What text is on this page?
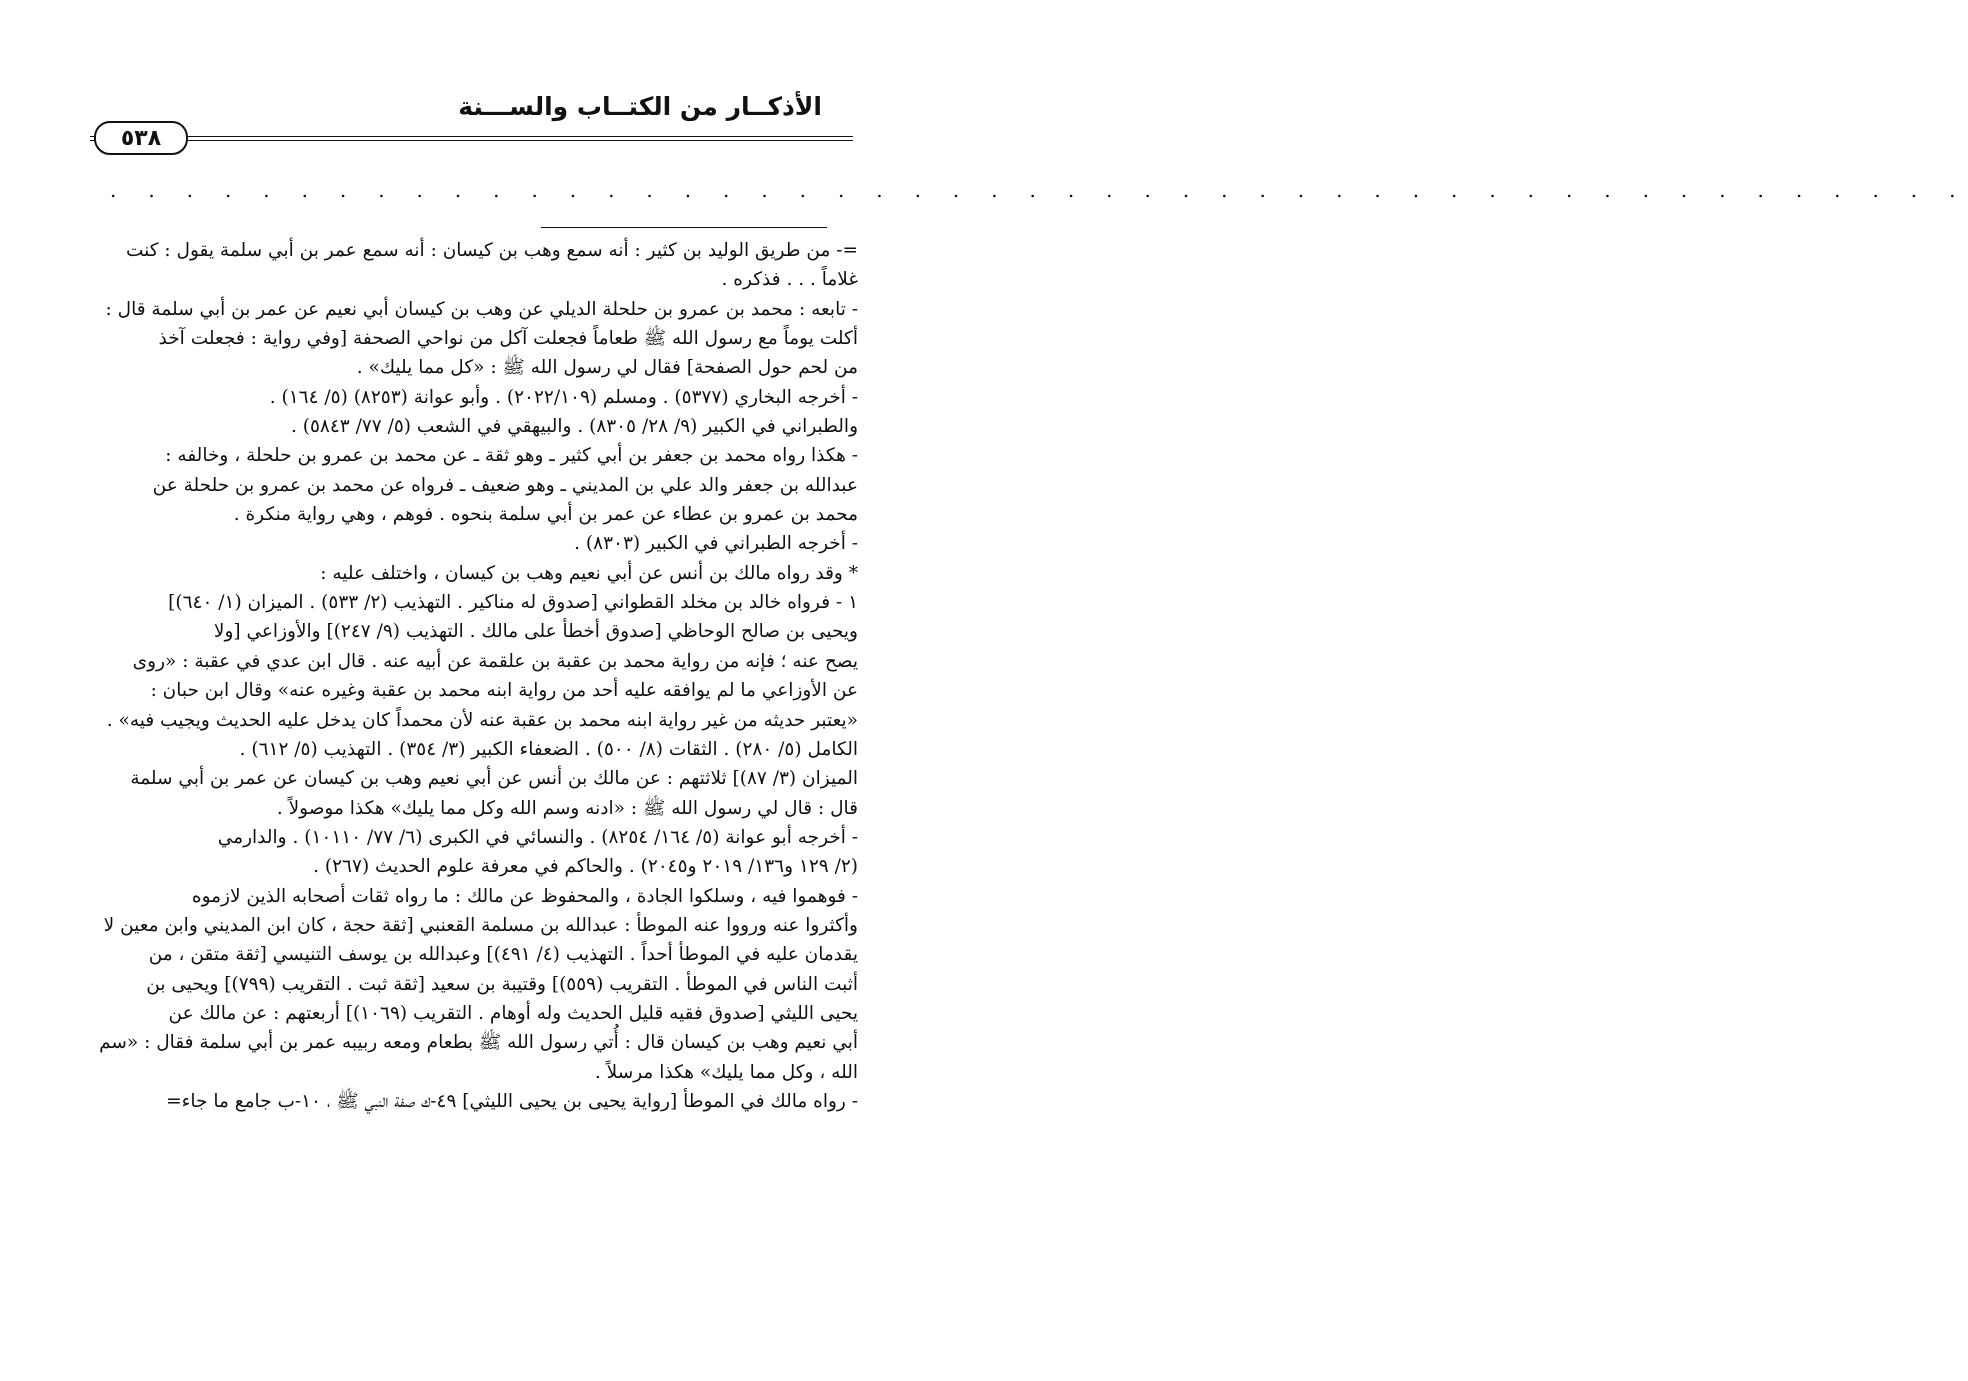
الأذكــار من الكتــاب والســـنة
٥٣٨
. . . . . . . . . . . . . . . . . . . . . . . . . . . . . . . . . . . . . . . . . . . . . . . . .
=- من طريق الوليد بن كثير : أنه سمع وهب بن كيسان : أنه سمع عمر بن أبي سلمة يقول : كنت
غلاماً . . . فذكره .
- تابعه : محمد بن عمرو بن حلحلة الديلي عن وهب بن كيسان أبي نعيم عن عمر بن أبي سلمة قال :
أكلت يوماً مع رسول الله ﷺ طعاماً فجعلت آكل من نواحي الصحفة [وفي رواية : فجعلت آخذ
من لحم حول الصفحة] فقال لي رسول الله ﷺ : «كل مما يليك» .
- أخرجه البخاري (٥٣٧٧) . ومسلم (٢٠٢٢/١٠٩) . وأبو عوانة (٨٢٥٣) (٥/ ١٦٤) .
والطبراني في الكبير (٩/ ٢٨/ ٨٣٠٥) . والبيهقي في الشعب (٥/ ٧٧/ ٥٨٤٣) .
- هكذا رواه محمد بن جعفر بن أبي كثير ـ وهو ثقة ـ عن محمد بن عمرو بن حلحلة ، وخالفه :
عبدالله بن جعفر والد علي بن المديني ـ وهو ضعيف ـ فرواه عن محمد بن عمرو بن حلحلة عن
محمد بن عمرو بن عطاء عن عمر بن أبي سلمة بنحوه . فوهم ، وهي رواية منكرة .
- أخرجه الطبراني في الكبير (٨٣٠٣) .
* وقد رواه مالك بن أنس عن أبي نعيم وهب بن كيسان ، واختلف عليه :
١ - فرواه خالد بن مخلد القطواني [صدوق له مناكير . التهذيب (٢/ ٥٣٣) . الميزان (١/ ٦٤٠)]
ويحيى بن صالح الوحاظي [صدوق أخطأ على مالك . التهذيب (٩/ ٢٤٧)] والأوزاعي [ولا
يصح عنه ؛ فإنه من رواية محمد بن عقبة بن علقمة عن أبيه عنه . قال ابن عدي في عقبة : «روى
عن الأوزاعي ما لم يوافقه عليه أحد من رواية ابنه محمد بن عقبة وغيره عنه» وقال ابن حبان :
«يعتبر حديثه من غير رواية ابنه محمد بن عقبة عنه لأن محمداً كان يدخل عليه الحديث ويجيب فيه» .
الكامل (٥/ ٢٨٠) . الثقات (٨/ ٥٠٠) . الضعفاء الكبير (٣/ ٣٥٤) . التهذيب (٥/ ٦١٢) .
الميزان (٣/ ٨٧)] ثلاثتهم : عن مالك بن أنس عن أبي نعيم وهب بن كيسان عن عمر بن أبي سلمة
قال : قال لي رسول الله ﷺ : «ادنه وسم الله وكل مما يليك» هكذا موصولاً .
- أخرجه أبو عوانة (٥/ ١٦٤/ ٨٢٥٤) . والنسائي في الكبرى (٦/ ٧٧/ ١٠١١٠) . والدارمي
(٢/ ١٢٩ و١٣٦/ ٢٠١٩ و٢٠٤٥) . والحاكم في معرفة علوم الحديث (٢٦٧) .
- فوهموا فيه ، وسلكوا الجادة ، والمحفوظ عن مالك : ما رواه ثقات أصحابه الذين لازموه
وأكثروا عنه ورووا عنه الموطأ : عبدالله بن مسلمة القعنبي [ثقة حجة ، كان ابن المديني وابن معين لا
يقدمان عليه في الموطأ أحداً . التهذيب (٤/ ٤٩١)] وعبدالله بن يوسف التنيسي [ثقة متقن ، من
أثبت الناس في الموطأ . التقريب (٥٥٩)] وقتيبة بن سعيد [ثقة ثبت . التقريب (٧٩٩)] ويحيى بن
يحيى الليثي [صدوق فقيه قليل الحديث وله أوهام . التقريب (١٠٦٩)] أربعتهم : عن مالك عن
أبي نعيم وهب بن كيسان قال : أُتي رسول الله ﷺ بطعام ومعه ربيبه عمر بن أبي سلمة فقال : «سم
الله ، وكل مما يليك» هكذا مرسلاً .
- رواه مالك في الموطأ [رواية يحيى بن يحيى الليثي] ٤٩-ك صفة النبي ﷺ ، ١٠-ب جامع ما جاء=
